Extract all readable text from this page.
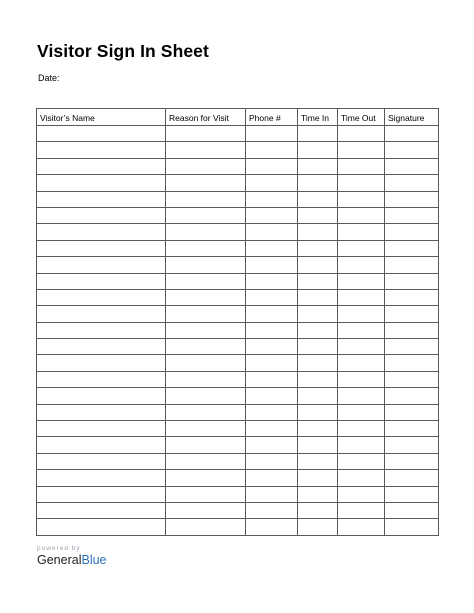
Visitor Sign In Sheet
Date:
Visitor’s Name	Reason for Visit	Phone #	Time In	Time Out	Signature

powered by
GeneralBlue
